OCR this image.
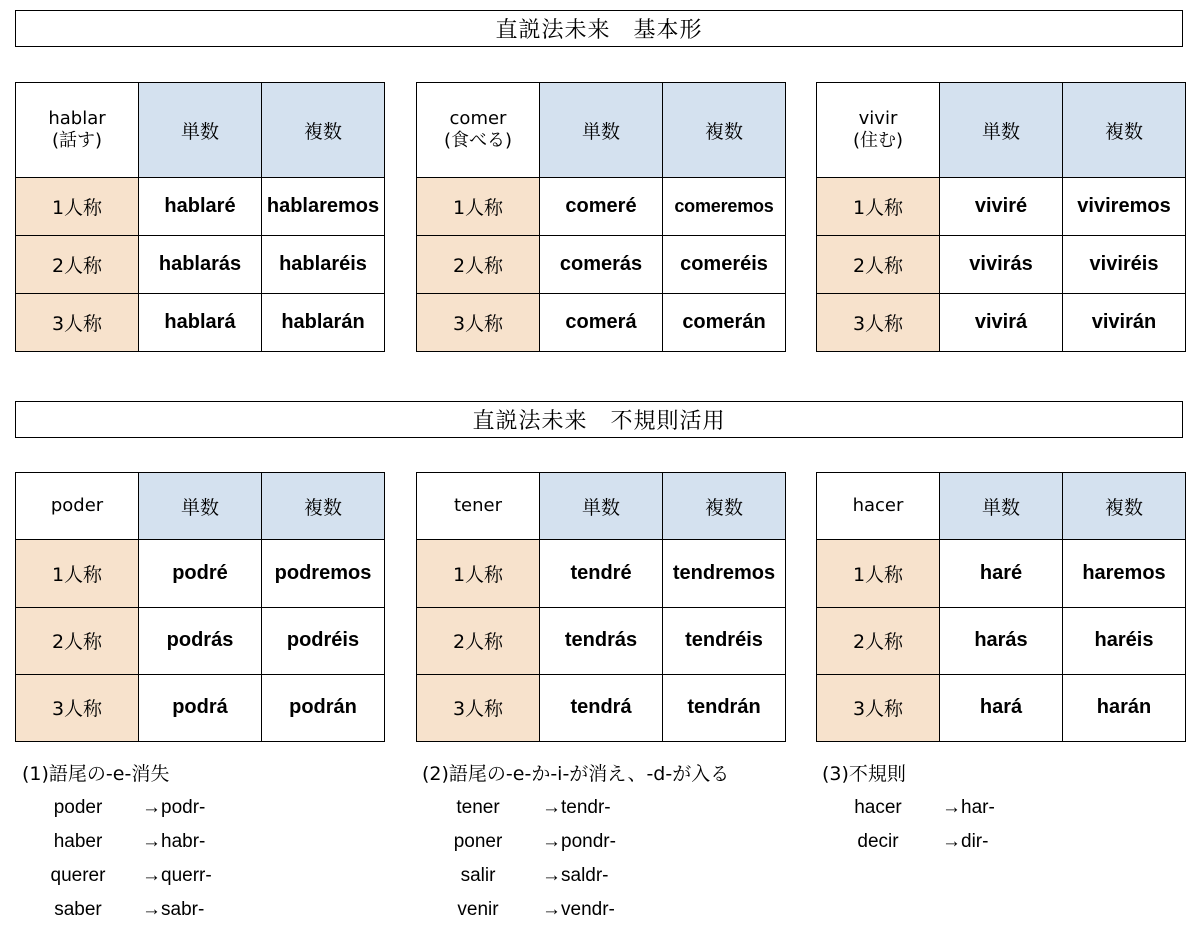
直説法未来　基本形
直説法未来　不規則活用
hablar
(話す)	単数	複数
1人称	hablaré	hablaremos
2人称	hablarás	hablaréis
3人称	hablará	hablarán
comer
(食べる)	単数	複数
1人称	comeré	comeremos
2人称	comerás	comeréis
3人称	comerá	comerán
vivir
(住む)	単数	複数
1人称	viviré	viviremos
2人称	vivirás	viviréis
3人称	vivirá	vivirán
poder	単数	複数
1人称	podré	podremos
2人称	podrás	podréis
3人称	podrá	podrán
tener	単数	複数
1人称	tendré	tendremos
2人称	tendrás	tendréis
3人称	tendrá	tendrán
hacer	単数	複数
1人称	haré	haremos
2人称	harás	haréis
3人称	hará	harán
(1)語尾の-e-消失
poder	→podr-
haber	→habr-
querer	→querr-
saber	→sabr-
(2)語尾の-e-か-i-が消え、-d-が入る
tener	→tendr-
poner	→pondr-
salir	→saldr-
venir	→vendr-
(3)不規則
hacer	→har-
decir	→dir-
